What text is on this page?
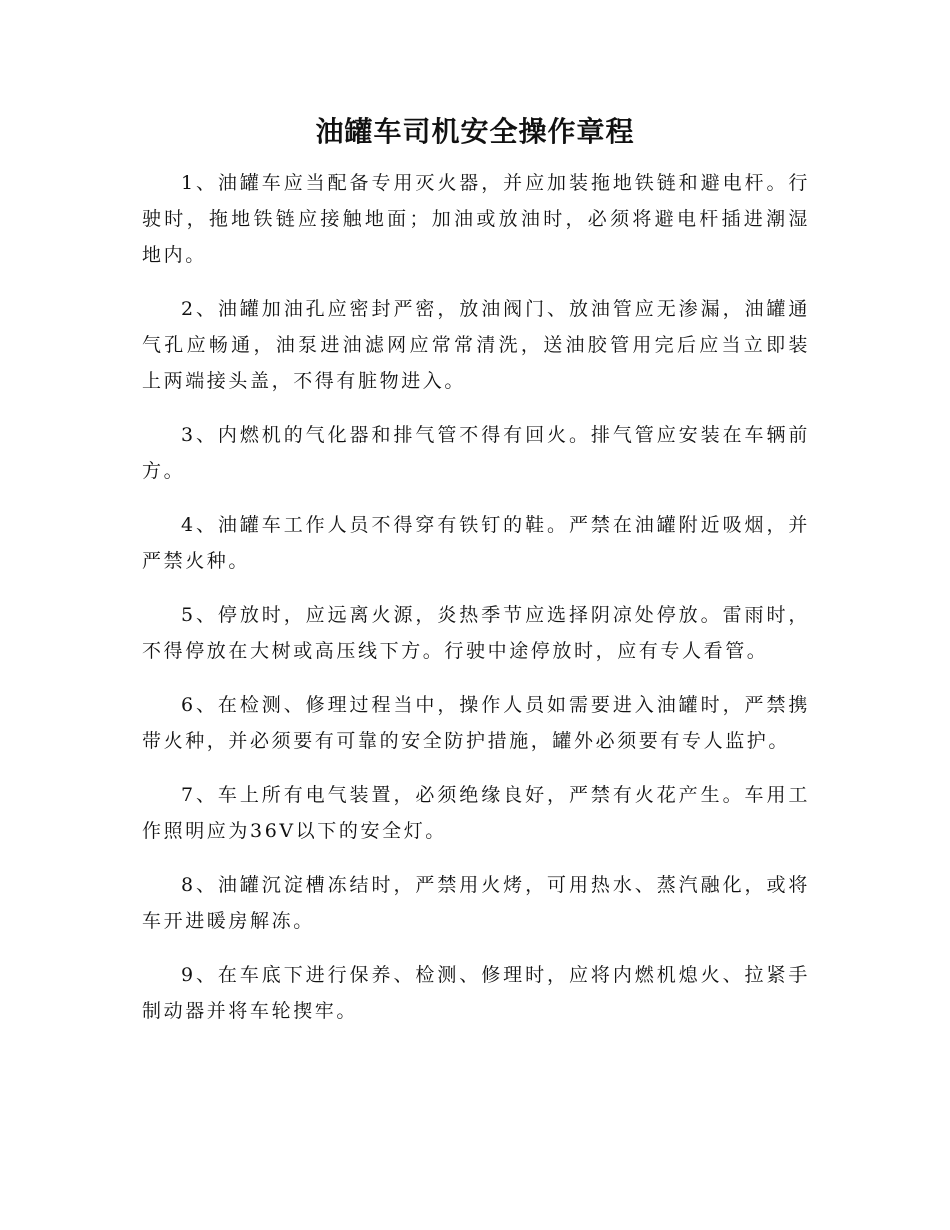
油罐车司机安全操作章程

1、油罐车应当配备专用灭火器，并应加装拖地铁链和避电杆。行驶时，拖地铁链应接触地面；加油或放油时，必须将避电杆插进潮湿地内。

2、油罐加油孔应密封严密，放油阀门、放油管应无渗漏，油罐通气孔应畅通，油泵进油滤网应常常清洗，送油胶管用完后应当立即装上两端接头盖，不得有脏物进入。

3、内燃机的气化器和排气管不得有回火。排气管应安装在车辆前方。

4、油罐车工作人员不得穿有铁钉的鞋。严禁在油罐附近吸烟，并严禁火种。

5、停放时，应远离火源，炎热季节应选择阴凉处停放。雷雨时，不得停放在大树或高压线下方。行驶中途停放时，应有专人看管。

6、在检测、修理过程当中，操作人员如需要进入油罐时，严禁携带火种，并必须要有可靠的安全防护措施，罐外必须要有专人监护。

7、车上所有电气装置，必须绝缘良好，严禁有火花产生。车用工作照明应为36V以下的安全灯。

8、油罐沉淀槽冻结时，严禁用火烤，可用热水、蒸汽融化，或将车开进暖房解冻。

9、在车底下进行保养、检测、修理时，应将内燃机熄火、拉紧手制动器并将车轮揳牢。
